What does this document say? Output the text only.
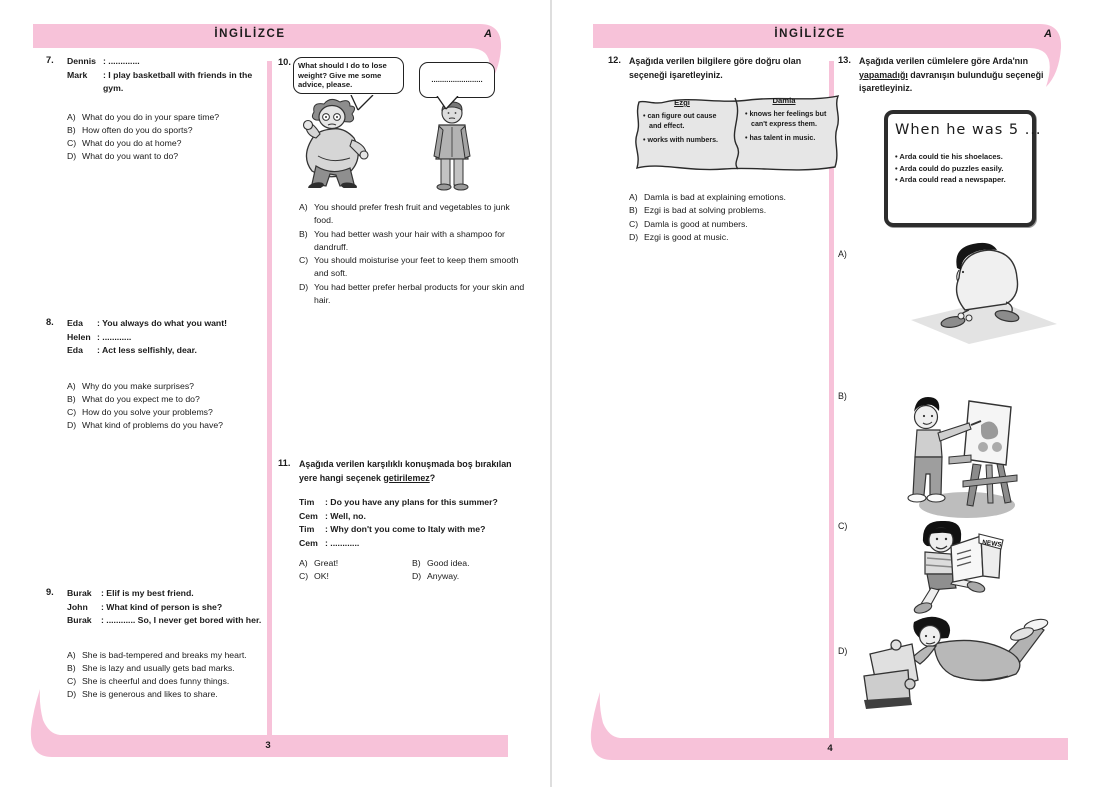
İNGİLİZCE	A
3
7. Dennis : .............
Mark	: I play basketball with friends in the gym.
A) What do you do in your spare time?
B) How often do you do sports?
C) What do you do at home?
D) What do you want to do?
8. Eda	: You always do what you want!
Helen : ............
Eda	: Act less selfishly, dear.
A) Why do you make surprises?
B) What do you expect me to do?
C) How do you solve your problems?
D) What kind of problems do you have?
9. Burak	: Elif is my best friend.
John	: What kind of person is she?
Burak	: ............ So, I never get bored with her.
A) She is bad-tempered and breaks my heart.
B) She is lazy and usually gets bad marks.
C) She is cheerful and does funny things.
D) She is generous and likes to share.
10. What should I do to lose weight? Give me some advice, please.
........................
A) You should prefer fresh fruit and vegetables to junk food.
B) You had better wash your hair with a shampoo for dandruff.
C) You should moisturise your feet to keep them smooth and soft.
D) You had better prefer herbal products for your skin and hair.
11. Aşağıda verilen karşılıklı konuşmada boş bırakılan yere hangi seçenek getirilemez?
Tim	: Do you have any plans for this summer?
Cem : Well, no.
Tim	: Why don't you come to Italy with me?
Cem : ............
A) Great!
C) OK!
B) Good idea.
D) Anyway.
İNGİLİZCE	A
4
12. Aşağıda verilen bilgilere göre doğru olan seçeneği işaretleyiniz.
Ezgi
• can figure out cause and effect.
• works with numbers.
Damla
• knows her feelings but can't express them.
• has talent in music.
A) Damla is bad at explaining emotions.
B) Ezgi is bad at solving problems.
C) Damla is good at numbers.
D) Ezgi is good at music.
13. Aşağıda verilen cümlelere göre Arda'nın yapamadığı davranışın bulunduğu seçeneği işaretleyiniz.
When he was 5 ...
• Arda could tie his shoelaces.
• Arda could do puzzles easily.
• Arda could read a newspaper.
A)
B)
C)
NEWS
D)
